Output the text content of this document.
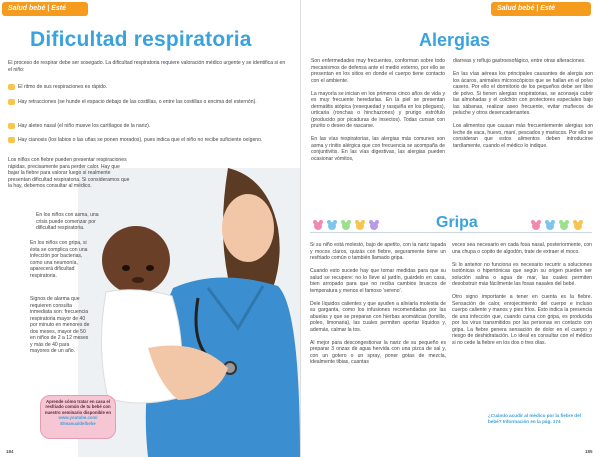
Salud bebé | Esté pendiente
Dificultad respiratoria
El proceso de respirar debe ser sosegado. La dificultad respiratoria requiere valoración médico urgente y se identifica si en el niño:
El ritmo de sus respiraciones es rápido.
Hay retracciones (se hunde el espacio debajo de las costillas, o entre las costillas o encima del esternón).
Hay aleteo nasal (el niño mueve los cartílagos de la nariz).
Hay cianosis (los labios o las uñas se ponen morados), pues indica que el niño no recibe suficiente oxígeno.
Los niños con fiebre pueden presentar respiraciones rápidas, precisamente para perder calor. Hay que bajar la fiebre para valorar luego si realmente presentan dificultad respiratoria. Si consideramos que la hay, debemos consultar al médico.
En los niños con asma, una crisis puede comenzar por dificultad respiratoria.
En los niños con gripa, si ésta se complica con una infección por bacterias, como una neumonía, aparecerá dificultad respiratoria.
Signos de alarma que requieren consulta inmediata son: frecuencia respiratoria mayor de 40 por minuto en menores de dos meses, mayor de 50 en niños de 2 a 12 meses y más de 40 para mayores de un año.
Aprende cómo tratar en casa el resfriado común de tu bebé con nuestro seminario disponible en
www.youtube.com/ Elmanualdelbebe
184
Salud bebé | Esté pendiente
Alergias
Son enfermedades muy frecuentes, conforman sobre todo mecanismos de defensa ante el medio externo, por ello se presentan en los sitios en donde el cuerpo tiene contacto con el ambiente.

La mayoría se inician en los primeros cinco años de vida y es muy frecuente heredarlas. En la piel se presentan dermatitis atópica (resequedad y rasquiña en los pliegues), urticaria (ronchas o hinchazones) y prurigo estrófulo (producido por picaduras de insectos). Todas cursan con prurito o deseo de rascarse.

En las vías respiratorias, las alergias más comunes son asma y rinitis alérgica que con frecuencia se acompaña de conjuntivitis. En las vías digestivas, las alergias pueden ocasionar vómitos,
diarreas y reflujo gastroesofágico, entre otras alteraciones.

En las vías aéreas los principales causantes de alergia son los ácaros, animales microscópicos que se hallan en el polvo casero. Por ello el dormitorio de los pequeños debe ser libre de polvo. Si tienen alergias respiratorias, se aconseja cubrir las almohadas y el colchón con protectores especiales bajo las sábanas, realizar aseo frecuente, evitar muñecos de peluche y otros desencadenantes.

Los alimentos que causan más frecuentemente alergias son leche de vaca, huevo, maní, pescados y mariscos. Por ello se consideran que estos alimentos deben introducirse tardíamente, cuando el médico lo indique.
Gripa
Si su niño está molesto, bajo de apetito, con la nariz tapada y mocos claros, quizás con fiebre, seguramente tiene un resfriado común o también llamado gripa.

Cuando esto sucede hay que tomar medidas para que su salud se recupere: no lo lleve al jardín, guárdelo en casa, bien arropado para que no reciba cambios bruscos de temperatura y menos el famoso 'sereno'.

Dele líquidos calientes y que ayuden a aliviarla molestia de su garganta, como los infusiones recomendadas por las abuelas y que se preparan con hierbas aromáticas (tomillo, poleo, limonaria), las cuales permiten aportar líquidos y, además, calmar la tos.

Al mejor para descongestionar la nariz de su pequeño es preparar 3 onzas de agua hervida con una pizca de sal y, con un gotero o un spray, poner gotas de mezcla, idealmente tibias, cuantas
veces sea necesario en cada fosa nasal, posteriormente, con una chupa o copito de algodón, trate de extraer el moco.

Si lo anterior no funciona es necesario recurrir a soluciones isotónicas o hipertónicas que según su origen pueden ser solución salina o agua de mar, las cuales permiten desobstruir más fácilmente las fosas nasales del bebé.

Otro signo importante a tener en cuenta es la fiebre. Sensación de calor, enrojecimiento del cuerpo e incluso cuerpo caliente y manos y pies fríos. Esto indica la presencia de una infección que, cuando cursa con gripa, es producida por los virus transmitidos por las personas en contacto con gripa. La fiebre genera sensación de dolor en el cuerpo y riesgo de deshidratación. Lo ideal es consultar con el médico si no cede la fiebre en los dos o tres días.
¿Cuándo acudir al médico por la fiebre del bebé? Información en la pág. 174
185
